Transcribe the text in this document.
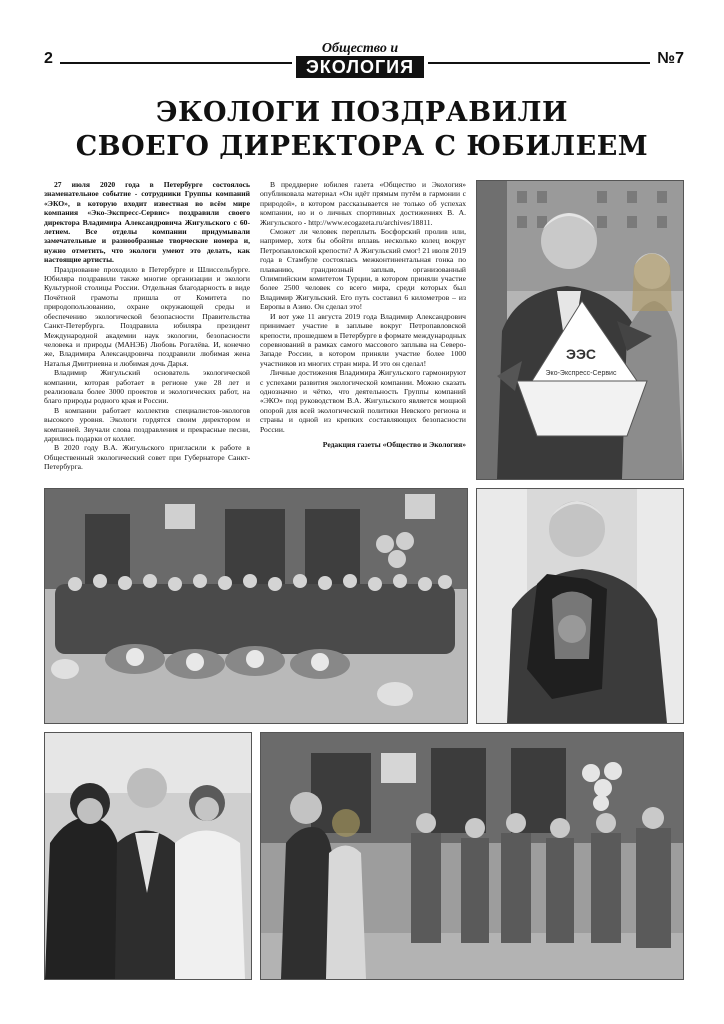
2
Общество и
ЭКОЛОГИЯ	№7
ЭКОЛОГИ ПОЗДРАВИЛИ
СВОЕГО ДИРЕКТОРА С ЮБИЛЕЕМ

27 июля 2020 года в Петербурге состоялось знаменательное событие - сотрудники Группы компаний «ЭКО», в которую входит известная во всём мире компания «Эко-Экспресс-Сервис» поздравили своего директора Владимира Александровича Жигульского с 60-летием. Все отделы компании придумывали замечательные и разнообразные творческие номера и, нужно отметить, что экологи умеют это делать, как настоящие артисты.

Празднование проходило в Петербурге и Шлиссельбурге. Юбиляра поздравили также многие организации и экологи Культурной столицы России. Отдельная благодарность в виде Почётной грамоты пришла от Комитета по природопользованию, охране окружающей среды и обеспечению экологической безопасности Правительства Санкт-Петербурга. Поздравила юбиляра президент Международной академии наук экологии, безопасности человека и природы (МАНЭБ) Любовь Рогалёва. И, конечно же, Владимира Александровича поздравили любимая жена Наталья Дмитриевна и любимая дочь Дарья.

Владимир Жигульский основатель экологической компании, которая работает в регионе уже 28 лет и реализовала более 3000 проектов и экологических работ, на благо природы родного края и России.

В компании работает коллектив специалистов-экологов высокого уровня. Экологи гордятся своим директором и компанией. Звучали слова поздравления и прекрасные песни, дарились подарки от коллег.

В 2020 году В.А. Жигульского пригласили к работе в Общественный экологический совет при Губернаторе Санкт-Петербурга.

В преддверие юбилея газета «Общество и Экология» опубликовала материал «Он идёт прямым путём в гармонии с природой», в котором рассказывается не только об успехах компании, но и о личных спортивных достижениях В. А. Жигульского - http://www.ecogazeta.ru/archives/18811.

Сможет ли человек переплыть Босфорский пролив или, например, хотя бы обойти вплавь несколько колец вокруг Петропавловской крепости? А Жигульский смог! 21 июля 2019 года в Стамбуле состоялась межконтинентальная гонка по плаванию, грандиозный заплыв, организованный Олимпийским комитетом Турции, в котором приняли участие более 2500 человек со всего мира, среди которых был Владимир Жигульский. Его путь составил 6 километров – из Европы в Азию. Он сделал это!

И вот уже 11 августа 2019 года Владимир Александрович принимает участие в заплыве вокруг Петропавловской крепости, прошедшем в Петербурге в формате международных соревнований в рамках самого массового заплыва на Северо-Западе России, в котором приняли участие более 1000 участников из многих стран мира. И это он сделал!

Личные достижения Владимира Жигульского гармонируют с успехами развития экологической компании. Можно сказать однозначно и чётко, что деятельность Группы компаний «ЭКО» под руководством В.А. Жигульского является мощной опорой для всей экологической политики Невского региона и страны и одной из крепких составляющих безопасности России.

Редакция газеты «Общество и Экология»

ЭЭС
Эко-Экспресс-Сервис
